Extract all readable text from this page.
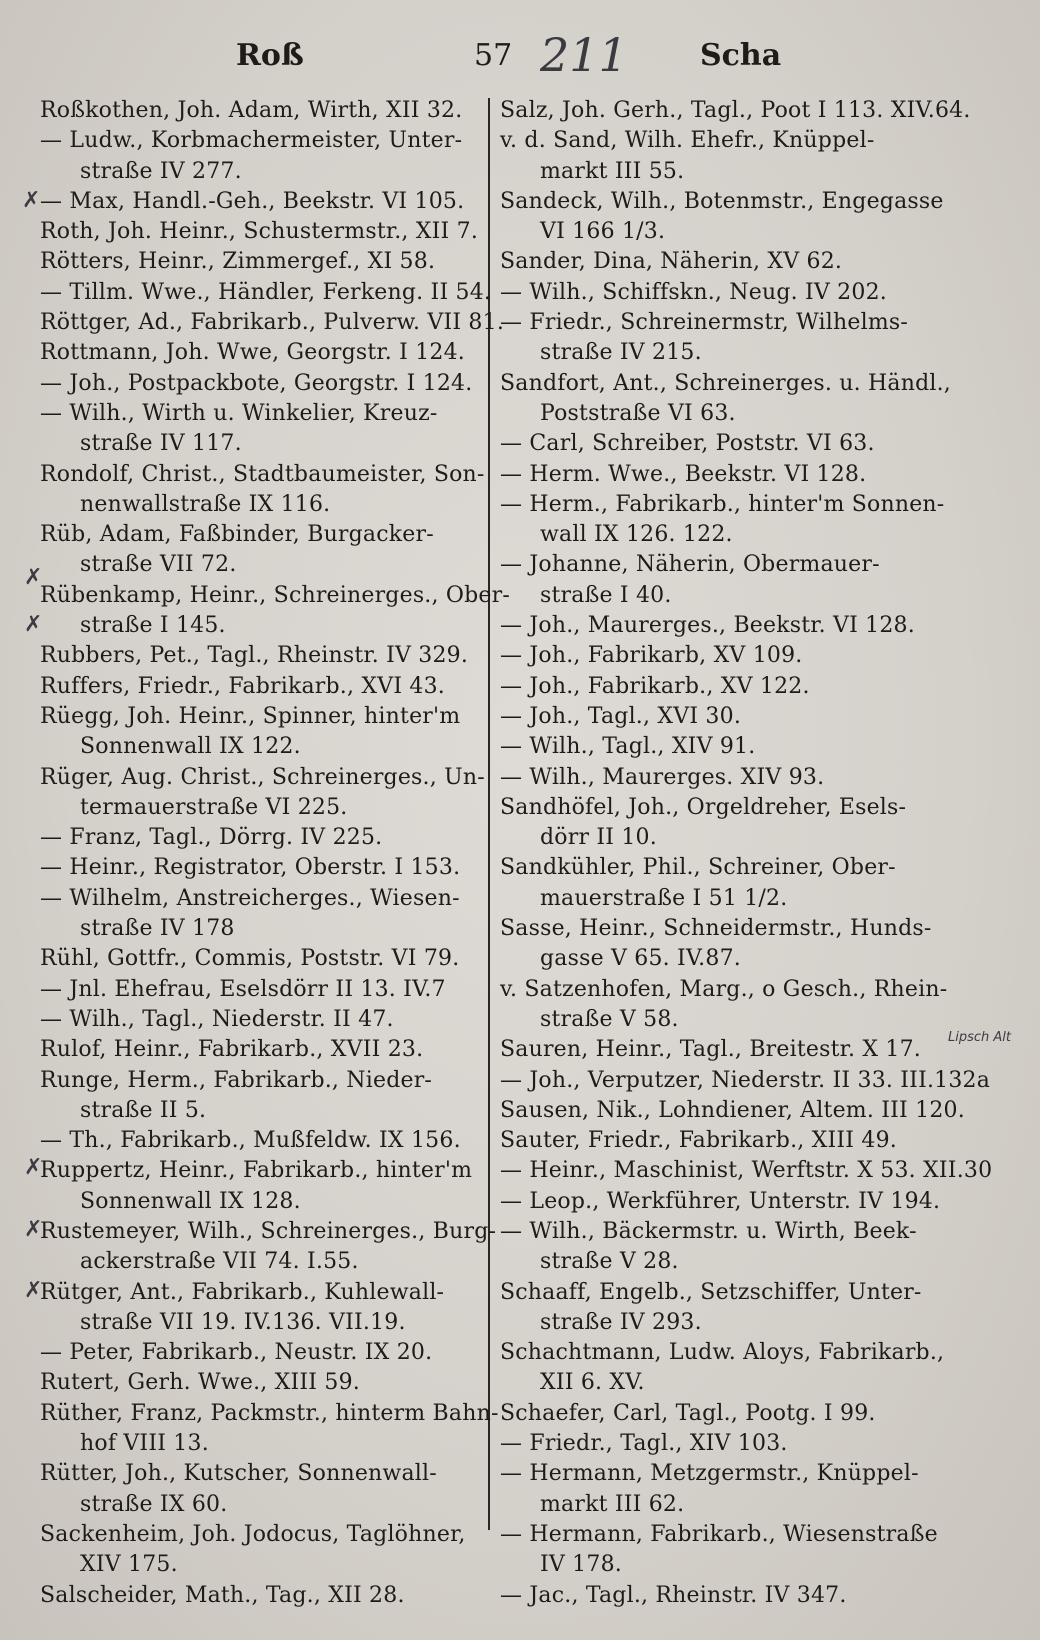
Roß	57 211 Scha
Roßkothen, Joh. Adam, Wirth, XII 32.
— Ludw., Korbmachermeister, Unter-
straße IV 277.
— Max, Handl.-Geh., Beekstr. VI 105.
Roth, Joh. Heinr., Schustermstr., XII 7.
Rötters, Heinr., Zimmergef., XI 58.
— Tillm. Wwe., Händler, Ferkeng. II 54.
Röttger, Ad., Fabrikarb., Pulverw. VII 81.
Rottmann, Joh. Wwe, Georgstr. I 124.
— Joh., Postpackbote, Georgstr. I 124.
— Wilh., Wirth u. Winkelier, Kreuz-
straße IV 117.
Rondolf, Christ., Stadtbaumeister, Son-
nenwallstraße IX 116.
Rüb, Adam, Faßbinder, Burgacker-
straße VII 72.
Rübenkamp, Heinr., Schreinerges., Ober-
straße I 145.
Rubbers, Pet., Tagl., Rheinstr. IV 329.
Ruffers, Friedr., Fabrikarb., XVI 43.
Rüegg, Joh. Heinr., Spinner, hinter'm
Sonnenwall IX 122.
Rüger, Aug. Christ., Schreinerges., Un-
termauerstraße VI 225.
— Franz, Tagl., Dörrg. IV 225.
— Heinr., Registrator, Oberstr. I 153.
— Wilhelm, Anstreicherges., Wiesen-
straße IV 178
Rühl, Gottfr., Commis, Poststr. VI 79.
— Jnl. Ehefrau, Eselsdörr II 13. IV.7
— Wilh., Tagl., Niederstr. II 47.
Rulof, Heinr., Fabrikarb., XVII 23.
Runge, Herm., Fabrikarb., Nieder-
straße II 5.
— Th., Fabrikarb., Mußfeldw. IX 156.
Ruppertz, Heinr., Fabrikarb., hinter'm
Sonnenwall IX 128.
Rustemeyer, Wilh., Schreinerges., Burg-
ackerstraße VII 74. I.55.
Rütger, Ant., Fabrikarb., Kuhlewall-
straße VII 19. IV.136. VII.19.
— Peter, Fabrikarb., Neustr. IX 20.
Rutert, Gerh. Wwe., XIII 59.
Rüther, Franz, Packmstr., hinterm Bahn-
hof VIII 13.
Rütter, Joh., Kutscher, Sonnenwall-
straße IX 60.
Sackenheim, Joh. Jodocus, Taglöhner,
XIV 175.
Salscheider, Math., Tag., XII 28.
Salz, Joh. Gerh., Tagl., Poot I 113. XIV.64.
v. d. Sand, Wilh. Ehefr., Knüppel-
markt III 55.
Sandeck, Wilh., Botenmstr., Engegasse
VI 166 1/3.
Sander, Dina, Näherin, XV 62.
— Wilh., Schiffskn., Neug. IV 202.
— Friedr., Schreinermstr, Wilhelms-
straße IV 215.
Sandfort, Ant., Schreinerges. u. Händl.,
Poststraße VI 63.
— Carl, Schreiber, Poststr. VI 63.
— Herm. Wwe., Beekstr. VI 128.
— Herm., Fabrikarb., hinter'm Sonnen-
wall IX 126. 122.
— Johanne, Näherin, Obermauer-
straße I 40.
— Joh., Maurerges., Beekstr. VI 128.
— Joh., Fabrikarb, XV 109.
— Joh., Fabrikarb., XV 122.
— Joh., Tagl., XVI 30.
— Wilh., Tagl., XIV 91.
— Wilh., Maurerges. XIV 93.
Sandhöfel, Joh., Orgeldreher, Esels-
dörr II 10.
Sandkühler, Phil., Schreiner, Ober-
mauerstraße I 51 1/2.
Sasse, Heinr., Schneidermstr., Hunds-
gasse V 65. IV.87.
v. Satzenhofen, Marg., o Gesch., Rhein-
straße V 58.
Sauren, Heinr., Tagl., Breitestr. X 17.
— Joh., Verputzer, Niederstr. II 33. III.132a
Sausen, Nik., Lohndiener, Altem. III 120.
Sauter, Friedr., Fabrikarb., XIII 49.
— Heinr., Maschinist, Werftstr. X 53. XII.30
— Leop., Werkführer, Unterstr. IV 194.
— Wilh., Bäckermstr. u. Wirth, Beek-
straße V 28.
Schaaff, Engelb., Setzschiffer, Unter-
straße IV 293.
Schachtmann, Ludw. Aloys, Fabrikarb.,
XII 6. XV.
Schaefer, Carl, Tagl., Pootg. I 99.
— Friedr., Tagl., XIV 103.
— Hermann, Metzgermstr., Knüppel-
markt III 62.
— Hermann, Fabrikarb., Wiesenstraße
IV 178.
— Jac., Tagl., Rheinstr. IV 347.
Lipsch Alt
✗
✗
✗
✗
✗
✗
